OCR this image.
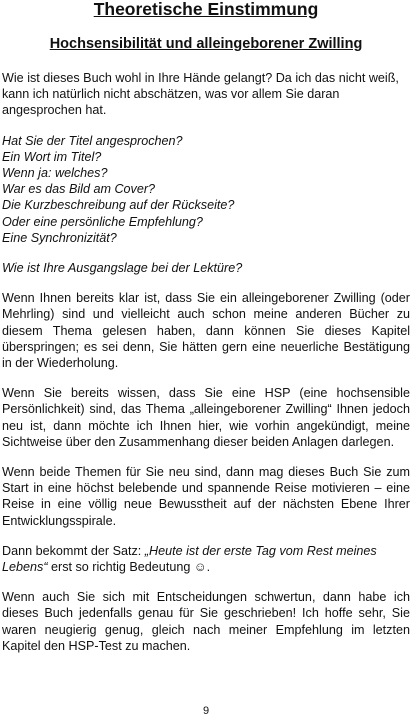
Theoretische Einstimmung
Hochsensibilität und alleingeborener Zwilling

Wie ist dieses Buch wohl in Ihre Hände gelangt? Da ich das nicht weiß, kann ich natürlich nicht abschätzen, was vor allem Sie daran angesprochen hat.

Hat Sie der Titel angesprochen?

Ein Wort im Titel?

Wenn ja: welches?

War es das Bild am Cover?

Die Kurzbeschreibung auf der Rückseite?

Oder eine persönliche Empfehlung?

Eine Synchronizität?

Wie ist Ihre Ausgangslage bei der Lektüre?

Wenn Ihnen bereits klar ist, dass Sie ein alleingeborener Zwilling (oder Mehrling) sind und vielleicht auch schon meine anderen Bücher zu diesem Thema gelesen haben, dann können Sie dieses Kapitel überspringen; es sei denn, Sie hätten gern eine neuerliche Bestätigung in der Wiederholung.

Wenn Sie bereits wissen, dass Sie eine HSP (eine hochsensible Persönlichkeit) sind, das Thema „alleingeborener Zwilling“ Ihnen jedoch neu ist, dann möchte ich Ihnen hier, wie vorhin angekündigt, meine Sichtweise über den Zusammenhang dieser beiden Anlagen darlegen.

Wenn beide Themen für Sie neu sind, dann mag dieses Buch Sie zum Start in eine höchst belebende und spannende Reise motivieren – eine Reise in eine völlig neue Bewusstheit auf der nächsten Ebene Ihrer Entwicklungsspirale.

Dann bekommt der Satz: „Heute ist der erste Tag vom Rest meines Lebens“ erst so richtig Bedeutung ☺.

Wenn auch Sie sich mit Entscheidungen schwertun, dann habe ich dieses Buch jedenfalls genau für Sie geschrieben! Ich hoffe sehr, Sie waren neugierig genug, gleich nach meiner Empfehlung im letzten Kapitel den HSP-Test zu machen.

9
